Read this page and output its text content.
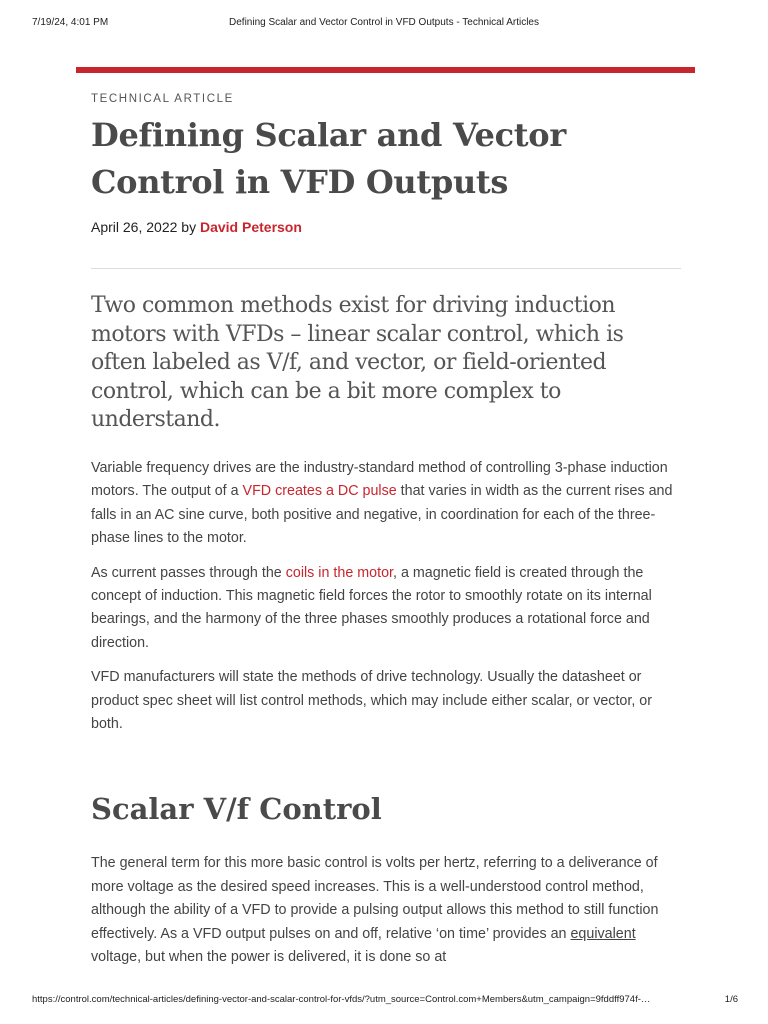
7/19/24, 4:01 PM	Defining Scalar and Vector Control in VFD Outputs - Technical Articles

TECHNICAL ARTICLE

Defining Scalar and Vector
Control in VFD Outputs
April 26, 2022 by David Peterson

Two common methods exist for driving induction motors with VFDs – linear scalar control, which is often labeled as V/f, and vector, or field-oriented control, which can be a bit more complex to understand.

Variable frequency drives are the industry-standard method of controlling 3-phase induction motors. The output of a VFD creates a DC pulse that varies in width as the current rises and falls in an AC sine curve, both positive and negative, in coordination for each of the three-phase lines to the motor.

As current passes through the coils in the motor, a magnetic field is created through the concept of induction. This magnetic field forces the rotor to smoothly rotate on its internal bearings, and the harmony of the three phases smoothly produces a rotational force and direction.

VFD manufacturers will state the methods of drive technology. Usually the datasheet or product spec sheet will list control methods, which may include either scalar, or vector, or both.

Scalar V/f Control

The general term for this more basic control is volts per hertz, referring to a deliverance of more voltage as the desired speed increases. This is a well-understood control method, although the ability of a VFD to provide a pulsing output allows this method to still function effectively. As a VFD output pulses on and off, relative ‘on time’ provides an equivalent voltage, but when the power is delivered, it is done so at

https://control.com/technical-articles/defining-vector-and-scalar-control-for-vfds/?utm_source=Control.com+Members&utm_campaign=9fddff974f-…	1/6
